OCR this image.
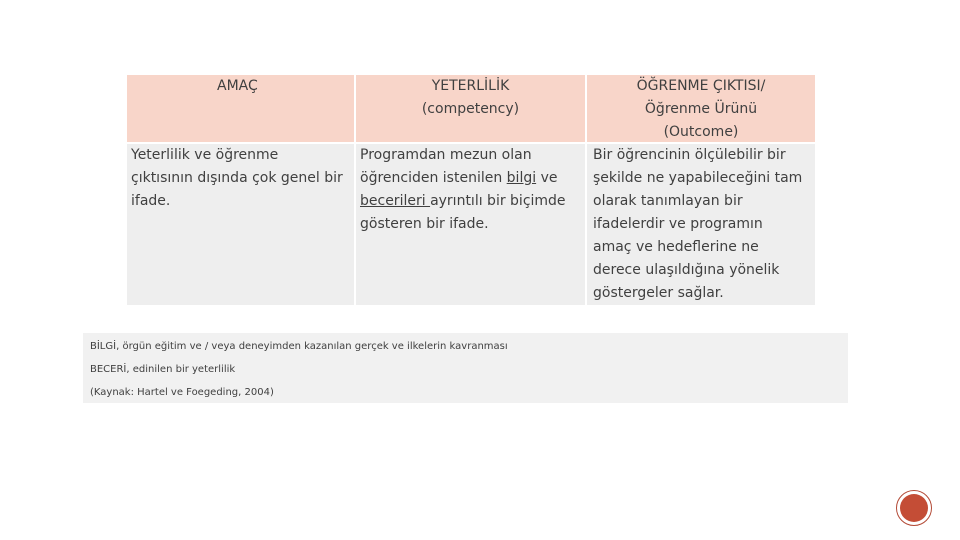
AMAÇ	YETERLİLİK
(competency)
ÖĞRENME ÇIKTISI/
Öğrenme Ürünü
(Outcome)
Yeterlilik ve öğrenme
çıktısının dışında çok genel bir
ifade.
Programdan mezun olan
öğrenciden istenilen bilgi ve
becerileri ayrıntılı bir biçimde
gösteren bir ifade.
Bir öğrencinin ölçülebilir bir
şekilde ne yapabileceğini tam
olarak tanımlayan bir
ifadelerdir ve programın
amaç ve hedeflerine ne
derece ulaşıldığına yönelik
göstergeler sağlar.
BİLGİ, örgün eğitim ve / veya deneyimden kazanılan gerçek ve ilkelerin kavranması
BECERİ, edinilen bir yeterlilik
(Kaynak: Hartel ve Foegeding, 2004)
